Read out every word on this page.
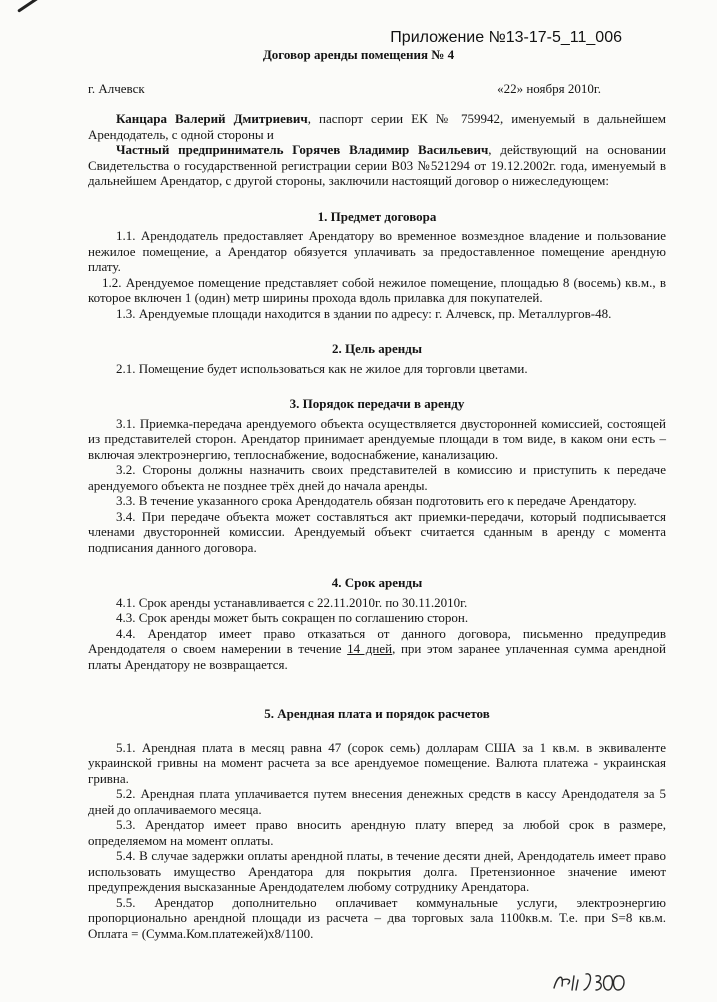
Приложение №13-17-5_11_006
Договор аренды помещения № 4
г. Алчевск	«22» ноября 2010г.

Канцара Валерий Дмитриевич, паспорт серии ЕК № 759942, именуемый в дальнейшем Арендодатель, с одной стороны и

Частный предприниматель Горячев Владимир Васильевич, действующий на основании Свидетельства о государственной регистрации серии В03 №521294 от 19.12.2002г. года, именуемый в дальнейшем Арендатор, с другой стороны, заключили настоящий договор о нижеследующем:

1. Предмет договора

1.1. Арендодатель предоставляет Арендатору во временное возмездное владение и пользование нежилое помещение, а Арендатор обязуется уплачивать за предоставленное помещение арендную плату.

1.2. Арендуемое помещение представляет собой нежилое помещение, площадью 8 (восемь) кв.м., в которое включен 1 (один) метр ширины прохода вдоль прилавка для покупателей.

1.3. Арендуемые площади находится в здании по адресу: г. Алчевск, пр. Металлургов-48.

2. Цель аренды

2.1. Помещение будет использоваться как не жилое для торговли цветами.

3. Порядок передачи в аренду

3.1. Приемка-передача арендуемого объекта осуществляется двусторонней комиссией, состоящей из представителей сторон. Арендатор принимает арендуемые площади в том виде, в каком они есть – включая электроэнергию, теплоснабжение, водоснабжение, канализацию.

3.2. Стороны должны назначить своих представителей в комиссию и приступить к передаче арендуемого объекта не позднее трёх дней до начала аренды.

3.3. В течение указанного срока Арендодатель обязан подготовить его к передаче Арендатору.

3.4. При передаче объекта может составляться акт приемки-передачи, который подписывается членами двусторонней комиссии. Арендуемый объект считается сданным в аренду с момента подписания данного договора.

4. Срок аренды

4.1. Срок аренды устанавливается с 22.11.2010г. по 30.11.2010г.

4.3. Срок аренды может быть сокращен по соглашению сторон.

4.4. Арендатор имеет право отказаться от данного договора, письменно предупредив Арендодателя о своем намерении в течение 14 дней, при этом заранее уплаченная сумма арендной платы Арендатору не возвращается.

5. Арендная плата и порядок расчетов

5.1. Арендная плата в месяц равна 47 (сорок семь) долларам США за 1 кв.м. в эквиваленте украинской гривны на момент расчета за все арендуемое помещение. Валюта платежа - украинская гривна.

5.2. Арендная плата уплачивается путем внесения денежных средств в кассу Арендодателя за 5 дней до оплачиваемого месяца.

5.3. Арендатор имеет право вносить арендную плату вперед за любой срок в размере, определяемом на момент оплаты.

5.4. В случае задержки оплаты арендной платы, в течение десяти дней, Арендодатель имеет право использовать имущество Арендатора для покрытия долга. Претензионное значение имеют предупреждения высказанные Арендодателем любому сотруднику Арендатора.

5.5. Арендатор дополнительно оплачивает коммунальные услуги, электроэнергию пропорционально арендной площади из расчета – два торговых зала 1100кв.м. Т.е. при S=8 кв.м. Оплата = (Сумма.Ком.платежей)х8/1100.
